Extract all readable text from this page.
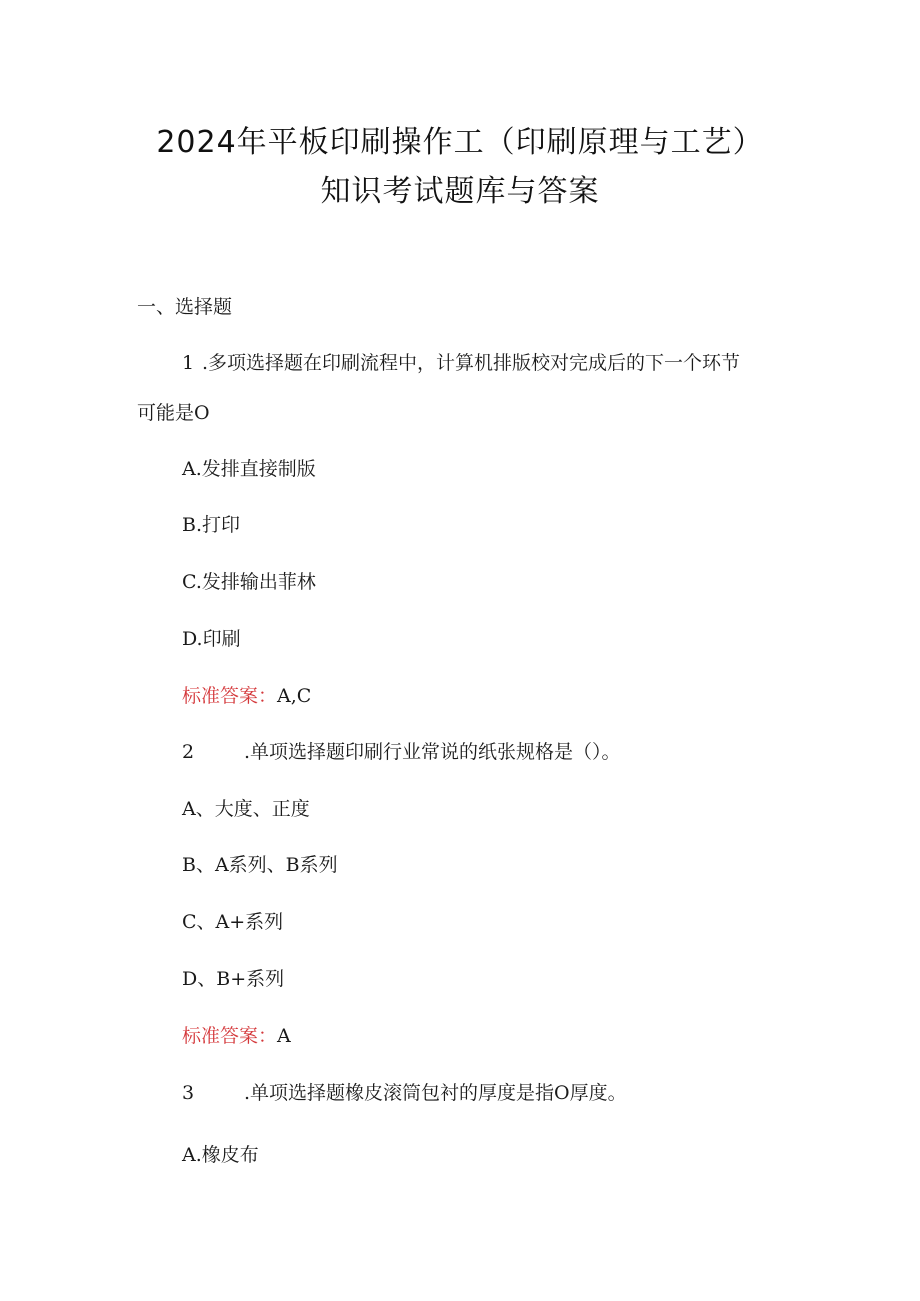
2024年平板印刷操作工（印刷原理与工艺）
知识考试题库与答案
一、选择题
1 .多项选择题在印刷流程中，计算机排版校对完成后的下一个环节
可能是O
A.发排直接制版
B.打印
C.发排输出菲林
D.印刷
标准答案：A,C
2	.单项选择题印刷行业常说的纸张规格是（）。
A、大度、正度
B、A系列、B系列
C、A+系列
D、B+系列
标准答案：A
3	.单项选择题橡皮滚筒包衬的厚度是指O厚度。
A.橡皮布
